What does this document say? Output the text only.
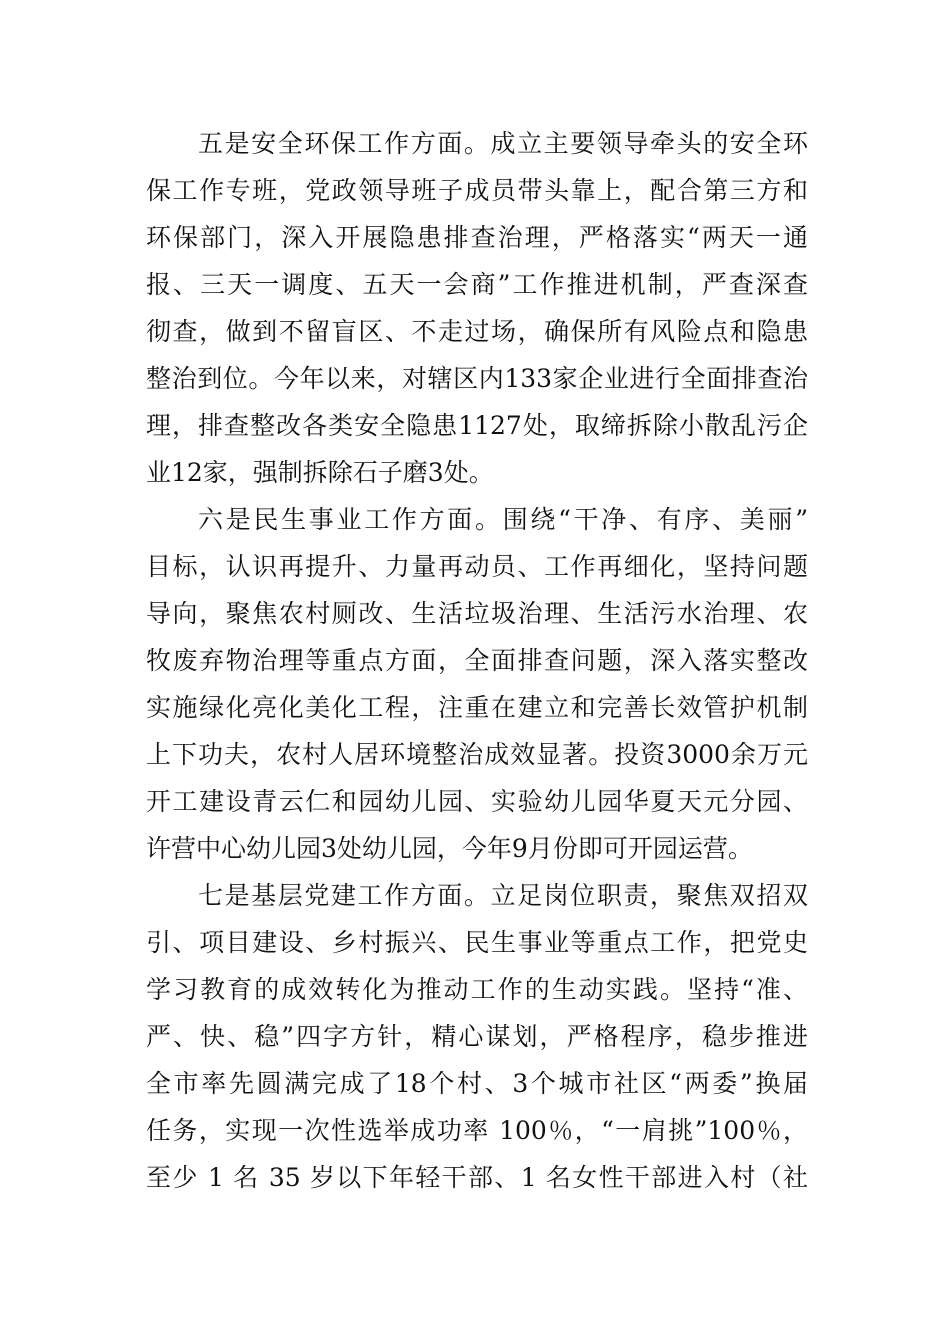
五是安全环保工作方面。成立主要领导牵头的安全环
保工作专班，党政领导班子成员带头靠上，配合第三方和
环保部门，深入开展隐患排查治理，严格落实“两天一通
报、三天一调度、五天一会商”工作推进机制，严查深查
彻查，做到不留盲区、不走过场，确保所有风险点和隐患
整治到位。今年以来，对辖区内133家企业进行全面排查治
理，排查整改各类安全隐患1127处，取缔拆除小散乱污企
业12家，强制拆除石子磨3处。
六是民生事业工作方面。围绕“干净、有序、美丽”
目标，认识再提升、力量再动员、工作再细化，坚持问题
导向，聚焦农村厕改、生活垃圾治理、生活污水治理、农
牧废弃物治理等重点方面，全面排查问题，深入落实整改
实施绿化亮化美化工程，注重在建立和完善长效管护机制
上下功夫，农村人居环境整治成效显著。投资3000余万元
开工建设青云仁和园幼儿园、实验幼儿园华夏天元分园、
许营中心幼儿园3处幼儿园，今年9月份即可开园运营。
七是基层党建工作方面。立足岗位职责，聚焦双招双
引、项目建设、乡村振兴、民生事业等重点工作，把党史
学习教育的成效转化为推动工作的生动实践。坚持“准、
严、快、稳”四字方针，精心谋划，严格程序，稳步推进
全市率先圆满完成了18个村、3个城市社区“两委”换届
任务，实现一次性选举成功率 100％，“一肩挑”100％，
至少 1 名 35 岁以下年轻干部、1 名女性干部进入村（社
